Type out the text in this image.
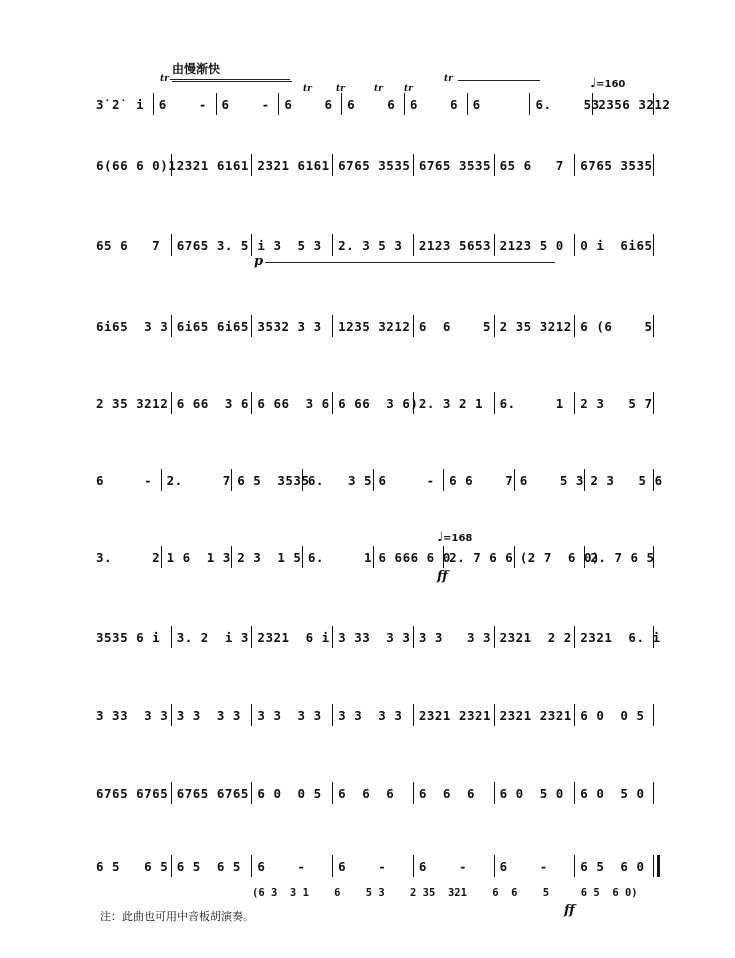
由慢渐快
tr	tr
tr	tr	tr tr	♩=160
♩=168
3̇ 2̇  i	6    -	6    -	6    6	6    6	6    6	6
6.    53
2356 3212
6(66 6 0)1 2321 6161 2321 6161 6765 3535 6765 3535 65 6   7	6765 3535
65 6   7	6765 3. 5 i 3  5 3	2. 3 5 3	2123 5653 2123 5 0	0 i  6i65
6i65  3 3 6i65 6i65 3532 3 3	1235 3212 6  6    5 2 35 3212 6 (6    5
2 35 3212 6 66  3 6 6 66  3 6 6 66  3 6) 2. 3 2 1	6.     1	2 3   5 7
6     -	2.     7 6 5  3535
6.   3 5 6     -	6 6    7 6    5 3 2 3   5 6
3.     2 1 6  1 3 2 3  1 5 6.     1 6 666 6 0
2. 7 6 6 (2 7  6 0)
2. 7 6 5
3535 6 i	3. 2  i 3 2321  6 i 3 33  3 3 3 3   3 3 2321  2 2 2321  6. i
3 33  3 3 3 3  3 3	3 3  3 3	3 3  3 3	2321 2321 2321 2321 6 0  0 5
6765 6765 6765 6765 6 0  0 5	6  6  6	6  6  6	6 0  5 0	6 0  5 0
6 5   6 5 6 5  6 5	6    -	6    -	6    -	6    -	6 5  6 0
p
ff
ff
(6 3  3 1    6    5 3    2 35  321    6  6    5     6 5  6 0)
注：此曲也可用中音板胡演奏。
